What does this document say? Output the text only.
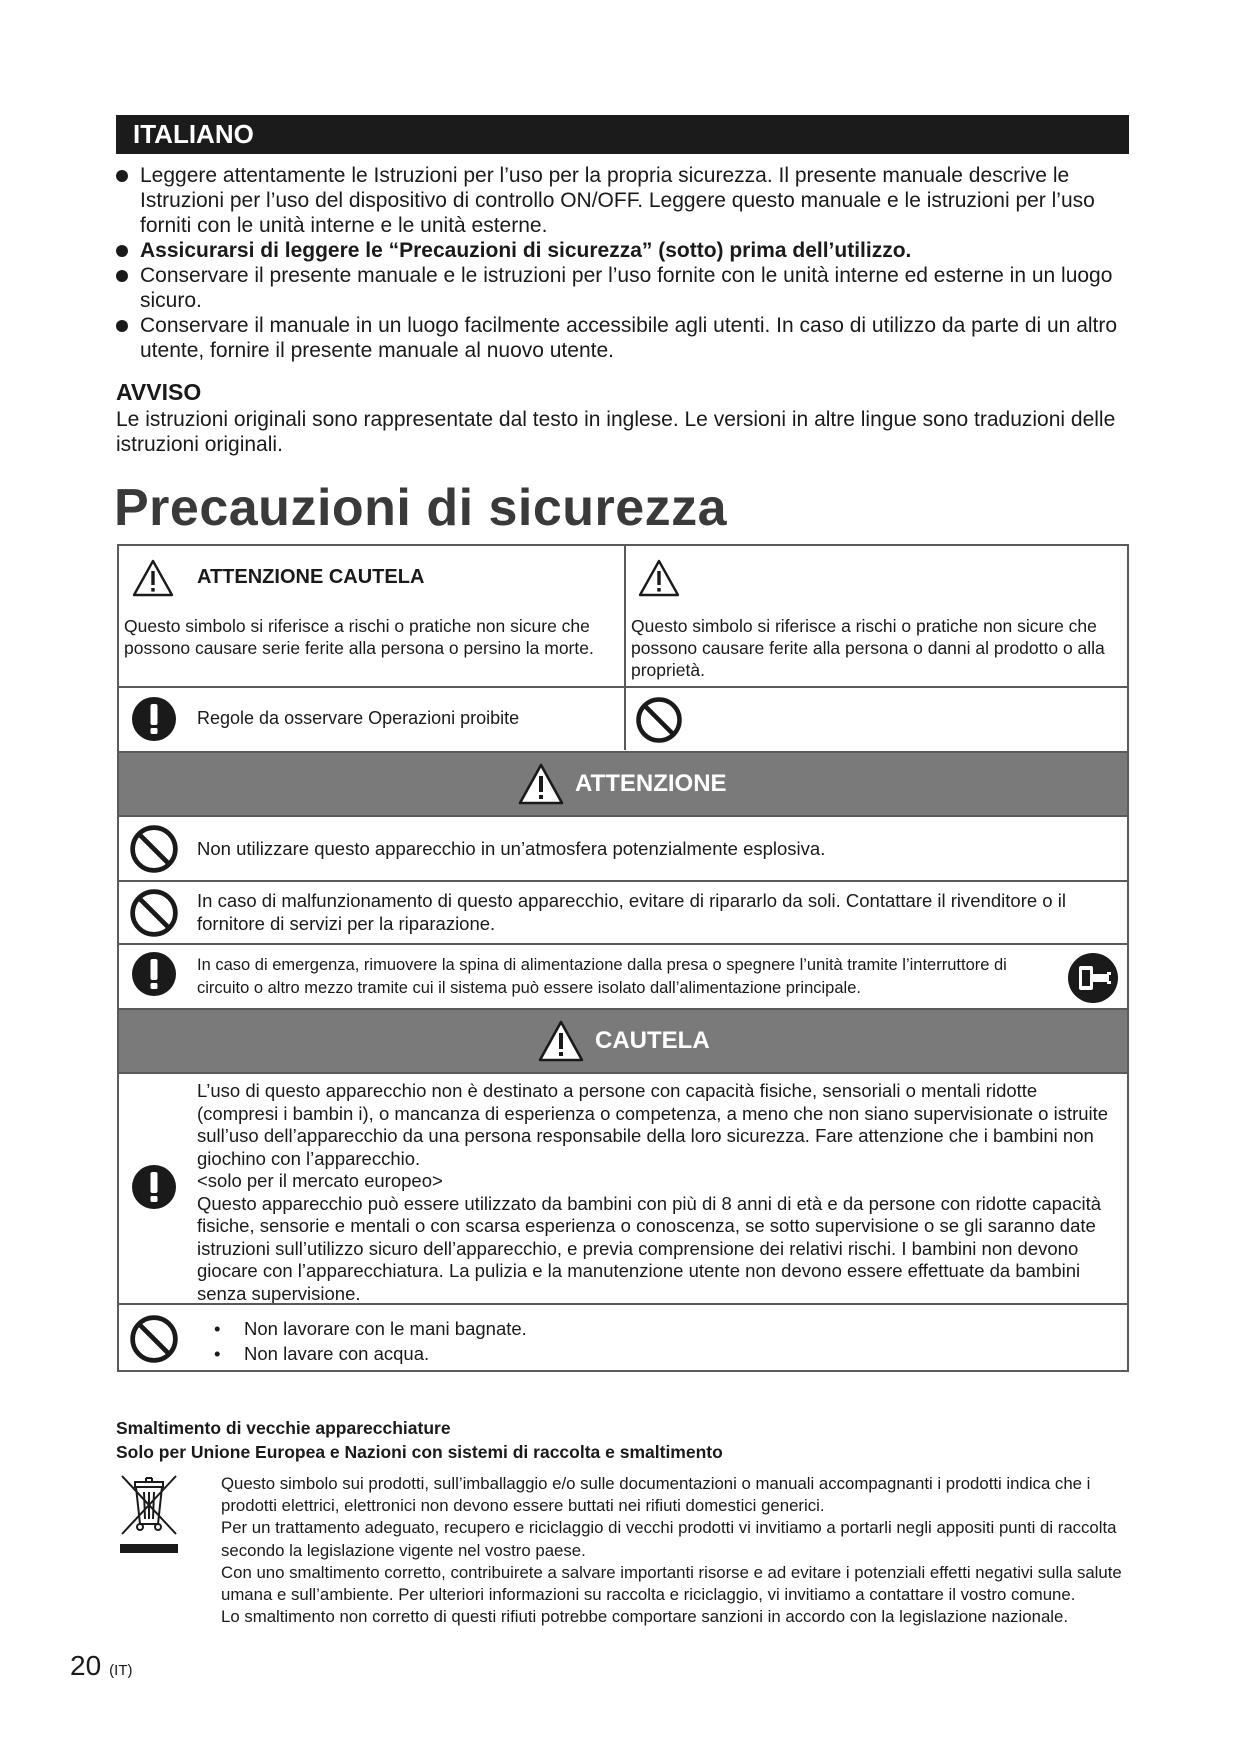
ITALIANO

Leggere attentamente le Istruzioni per l’uso per la propria sicurezza. Il presente manuale descrive le Istruzioni per l’uso del dispositivo di controllo ON/OFF. Leggere questo manuale e le istruzioni per l’uso forniti con le unità interne e le unità esterne.

Assicurarsi di leggere le “Precauzioni di sicurezza” (sotto) prima dell’utilizzo.

Conservare il presente manuale e le istruzioni per l’uso fornite con le unità interne ed esterne in un luogo sicuro.

Conservare il manuale in un luogo facilmente accessibile agli utenti. In caso di utilizzo da parte di un altro utente, fornire il presente manuale al nuovo utente.

AVVISO
Le istruzioni originali sono rappresentate dal testo in inglese. Le versioni in altre lingue sono traduzioni delle istruzioni originali.
Precauzioni di sicurezza
ATTENZIONE CAUTELA
Questo simbolo si riferisce a rischi o pratiche non sicure che possono causare serie ferite alla persona o persino la morte.
Questo simbolo si riferisce a rischi o pratiche non sicure che possono causare ferite alla persona o danni al prodotto o alla proprietà.
Regole da osservare Operazioni proibite
ATTENZIONE
Non utilizzare questo apparecchio in un’atmosfera potenzialmente esplosiva.
In caso di malfunzionamento di questo apparecchio, evitare di ripararlo da soli. Contattare il rivenditore o il fornitore di servizi per la riparazione.
In caso di emergenza, rimuovere la spina di alimentazione dalla presa o spegnere l’unità tramite l’interruttore di circuito o altro mezzo tramite cui il sistema può essere isolato dall’alimentazione principale.
CAUTELA
L’uso di questo apparecchio non è destinato a persone con capacità fisiche, sensoriali o mentali ridotte (compresi i bambin i), o mancanza di esperienza o competenza, a meno che non siano supervisionate o istruite sull’uso dell’apparecchio da una persona responsabile della loro sicurezza. Fare attenzione che i bambini non giochino con l’apparecchio.
<solo per il mercato europeo>
Questo apparecchio può essere utilizzato da bambini con più di 8 anni di età e da persone con ridotte capacità fisiche, sensorie e mentali o con scarsa esperienza o conoscenza, se sotto supervisione o se gli saranno date istruzioni sull’utilizzo sicuro dell’apparecchio, e previa comprensione dei relativi rischi. I bambini non devono giocare con l’apparecchiatura. La pulizia e la manutenzione utente non devono essere effettuate da bambini senza supervisione.
• Non lavorare con le mani bagnate.
• Non lavare con acqua.
Smaltimento di vecchie apparecchiature
Solo per Unione Europea e Nazioni con sistemi di raccolta e smaltimento
Questo simbolo sui prodotti, sull’imballaggio e/o sulle documentazioni o manuali accompagnanti i prodotti indica che i prodotti elettrici, elettronici non devono essere buttati nei rifiuti domestici generici.
Per un trattamento adeguato, recupero e riciclaggio di vecchi prodotti vi invitiamo a portarli negli appositi punti di raccolta secondo la legislazione vigente nel vostro paese.
Con uno smaltimento corretto, contribuirete a salvare importanti risorse e ad evitare i potenziali effetti negativi sulla salute umana e sull’ambiente. Per ulteriori informazioni su raccolta e riciclaggio, vi invitiamo a contattare il vostro comune.
Lo smaltimento non corretto di questi rifiuti potrebbe comportare sanzioni in accordo con la legislazione nazionale.
20 (IT)
